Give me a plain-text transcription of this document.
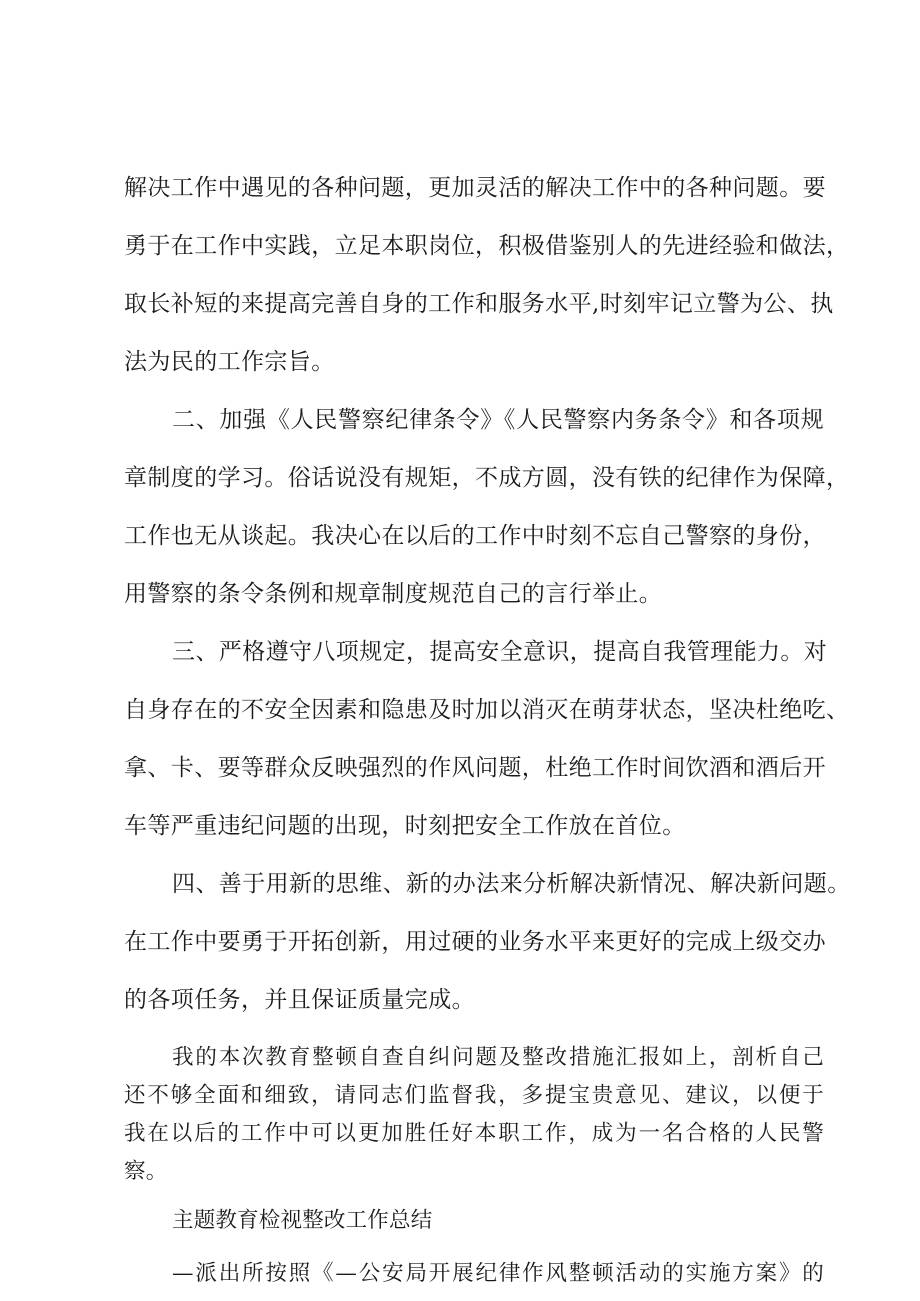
解决工作中遇见的各种问题，更加灵活的解决工作中的各种问题。要
勇于在工作中实践，立足本职岗位，积极借鉴别人的先进经验和做法，
取长补短的来提高完善自身的工作和服务水平,时刻牢记立警为公、执
法为民的工作宗旨。
二、加强《人民警察纪律条令》《人民警察内务条令》和各项规
章制度的学习。俗话说没有规矩，不成方圆，没有铁的纪律作为保障，
工作也无从谈起。我决心在以后的工作中时刻不忘自己警察的身份，
用警察的条令条例和规章制度规范自己的言行举止。
三、严格遵守八项规定，提高安全意识，提高自我管理能力。对
自身存在的不安全因素和隐患及时加以消灭在萌芽状态，坚决杜绝吃、
拿、卡、要等群众反映强烈的作风问题，杜绝工作时间饮酒和酒后开
车等严重违纪问题的出现，时刻把安全工作放在首位。
四、善于用新的思维、新的办法来分析解决新情况、解决新问题。
在工作中要勇于开拓创新，用过硬的业务水平来更好的完成上级交办
的各项任务，并且保证质量完成。
我的本次教育整顿自查自纠问题及整改措施汇报如上，剖析自己
还不够全面和细致，请同志们监督我，多提宝贵意见、建议，以便于
我在以后的工作中可以更加胜任好本职工作，成为一名合格的人民警
察。
主题教育检视整改工作总结
—派出所按照《—公安局开展纪律作风整顿活动的实施方案》的
